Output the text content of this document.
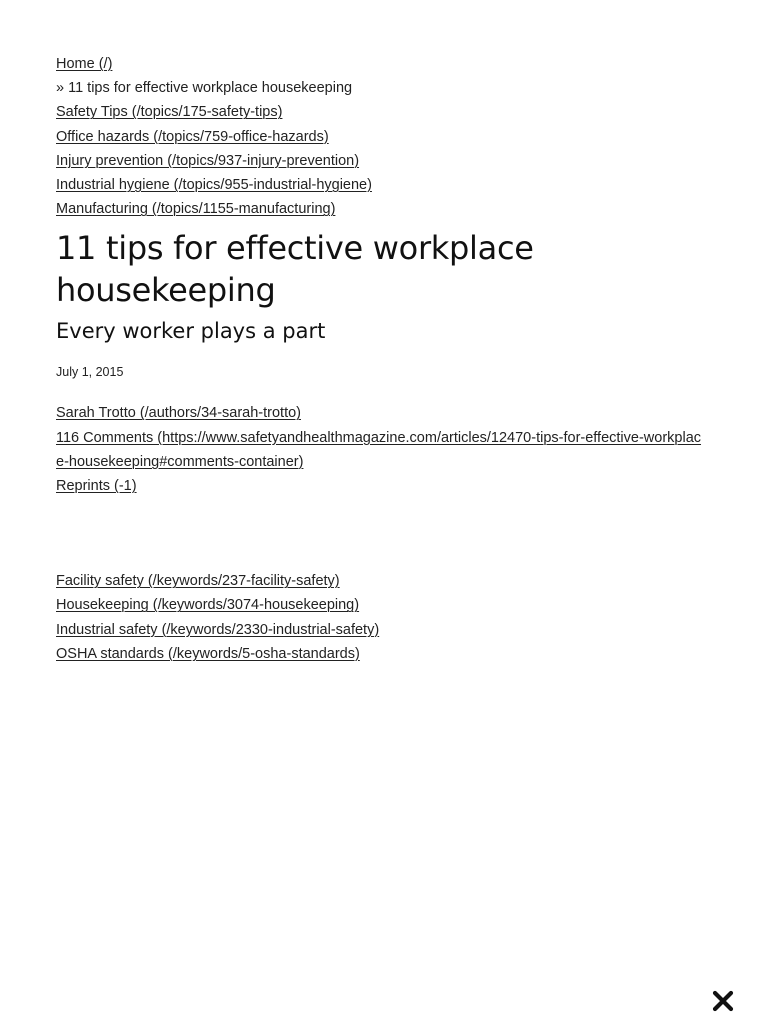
Home (/)
» 11 tips for effective workplace housekeeping
Safety Tips (/topics/175-safety-tips)
Office hazards (/topics/759-office-hazards)
Injury prevention (/topics/937-injury-prevention)
Industrial hygiene (/topics/955-industrial-hygiene)
Manufacturing (/topics/1155-manufacturing)
11 tips for effective workplace housekeeping
Every worker plays a part
July 1, 2015
Sarah Trotto (/authors/34-sarah-trotto)
116 Comments (https://www.safetyandhealthmagazine.com/articles/12470-tips-for-effective-workplace-housekeeping#comments-container)
Reprints (-1)
Facility safety (/keywords/237-facility-safety)
Housekeeping (/keywords/3074-housekeeping)
Industrial safety (/keywords/2330-industrial-safety)
OSHA standards (/keywords/5-osha-standards)
